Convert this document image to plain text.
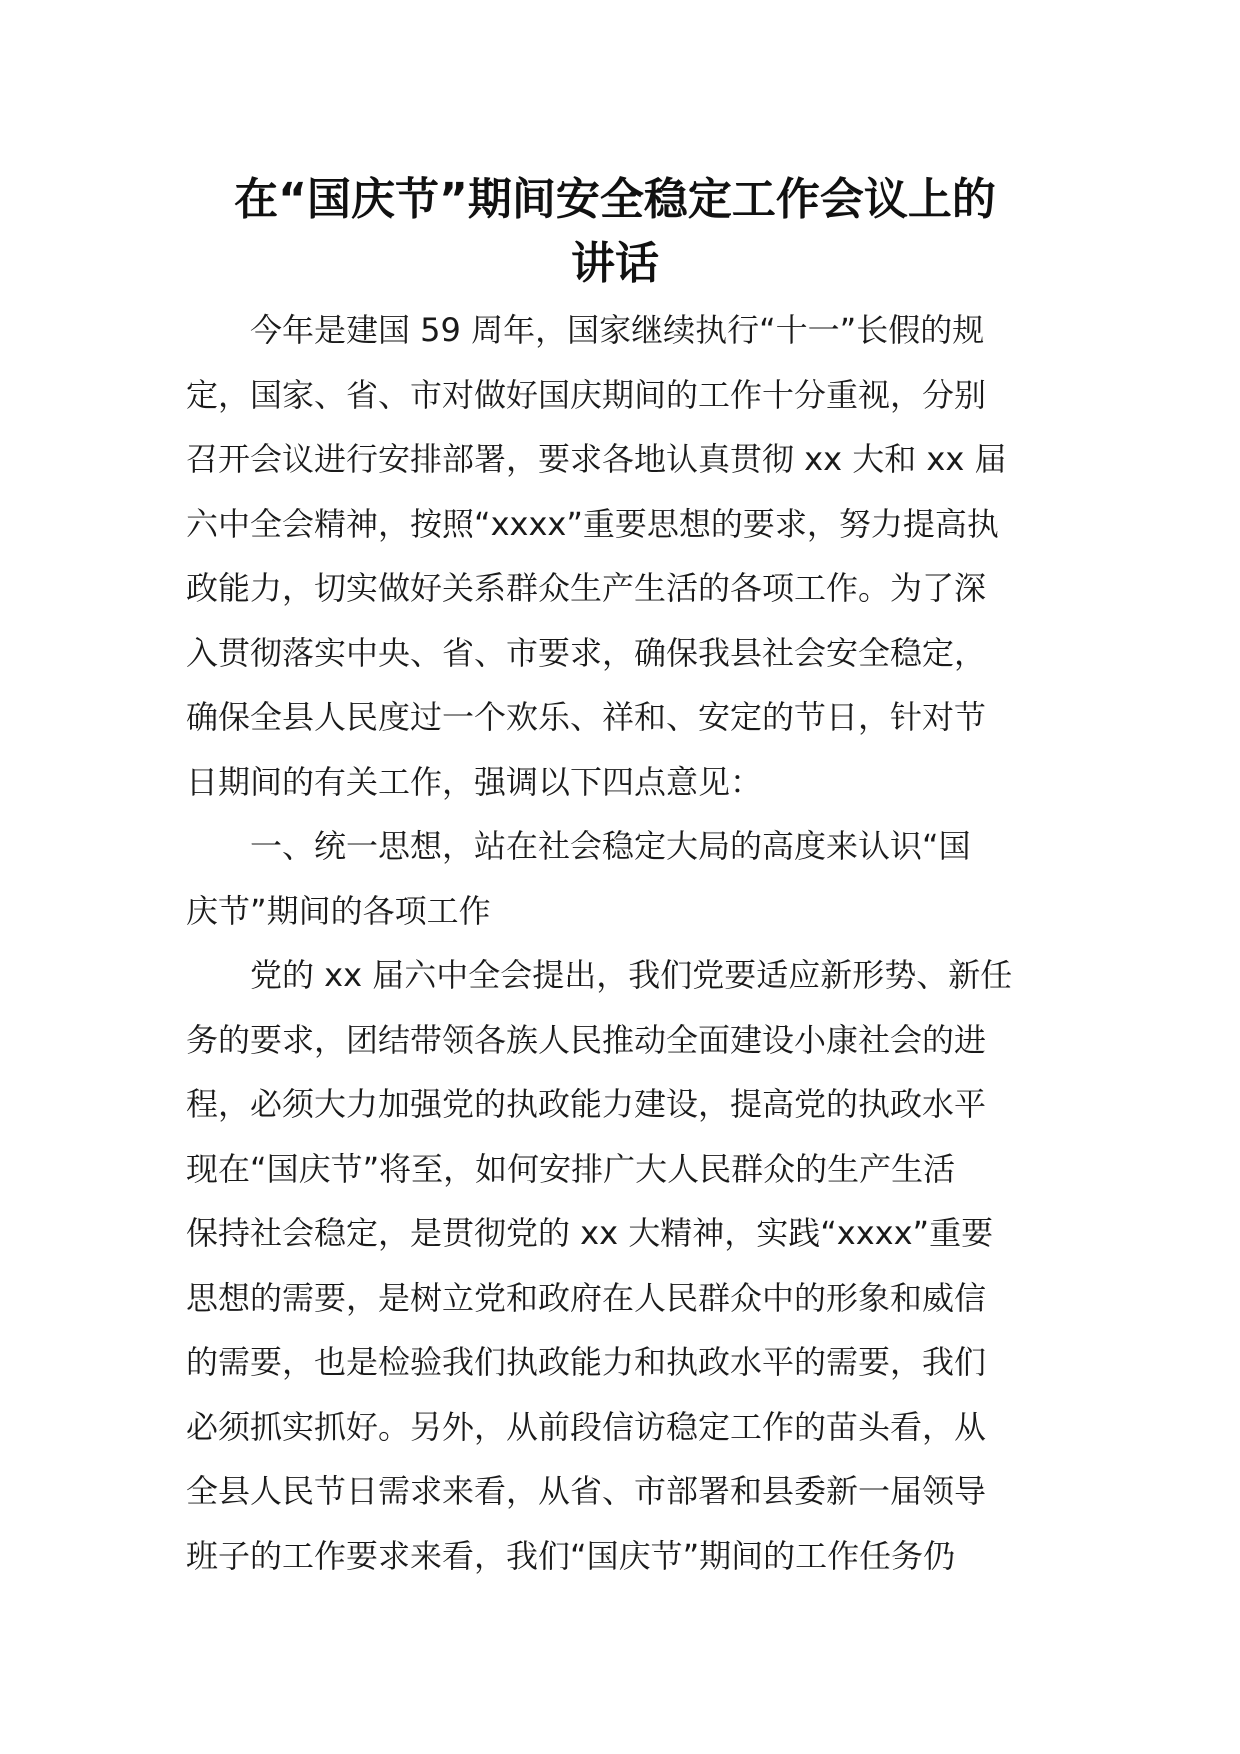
在“国庆节”期间安全稳定工作会议上的
讲话
今年是建国 59 周年，国家继续执行“十一”长假的规
定，国家、省、市对做好国庆期间的工作十分重视，分别
召开会议进行安排部署，要求各地认真贯彻 xx 大和 xx 届
六中全会精神，按照“xxxx”重要思想的要求，努力提高执
政能力，切实做好关系群众生产生活的各项工作。为了深
入贯彻落实中央、省、市要求，确保我县社会安全稳定，
确保全县人民度过一个欢乐、祥和、安定的节日，针对节
日期间的有关工作，强调以下四点意见：
一、统一思想，站在社会稳定大局的高度来认识“国
庆节”期间的各项工作
党的 xx 届六中全会提出，我们党要适应新形势、新任
务的要求，团结带领各族人民推动全面建设小康社会的进
程，必须大力加强党的执政能力建设，提高党的执政水平
现在“国庆节”将至，如何安排广大人民群众的生产生活
保持社会稳定，是贯彻党的 xx 大精神，实践“xxxx”重要
思想的需要，是树立党和政府在人民群众中的形象和威信
的需要，也是检验我们执政能力和执政水平的需要，我们
必须抓实抓好。另外，从前段信访稳定工作的苗头看，从
全县人民节日需求来看，从省、市部署和县委新一届领导
班子的工作要求来看，我们“国庆节”期间的工作任务仍
